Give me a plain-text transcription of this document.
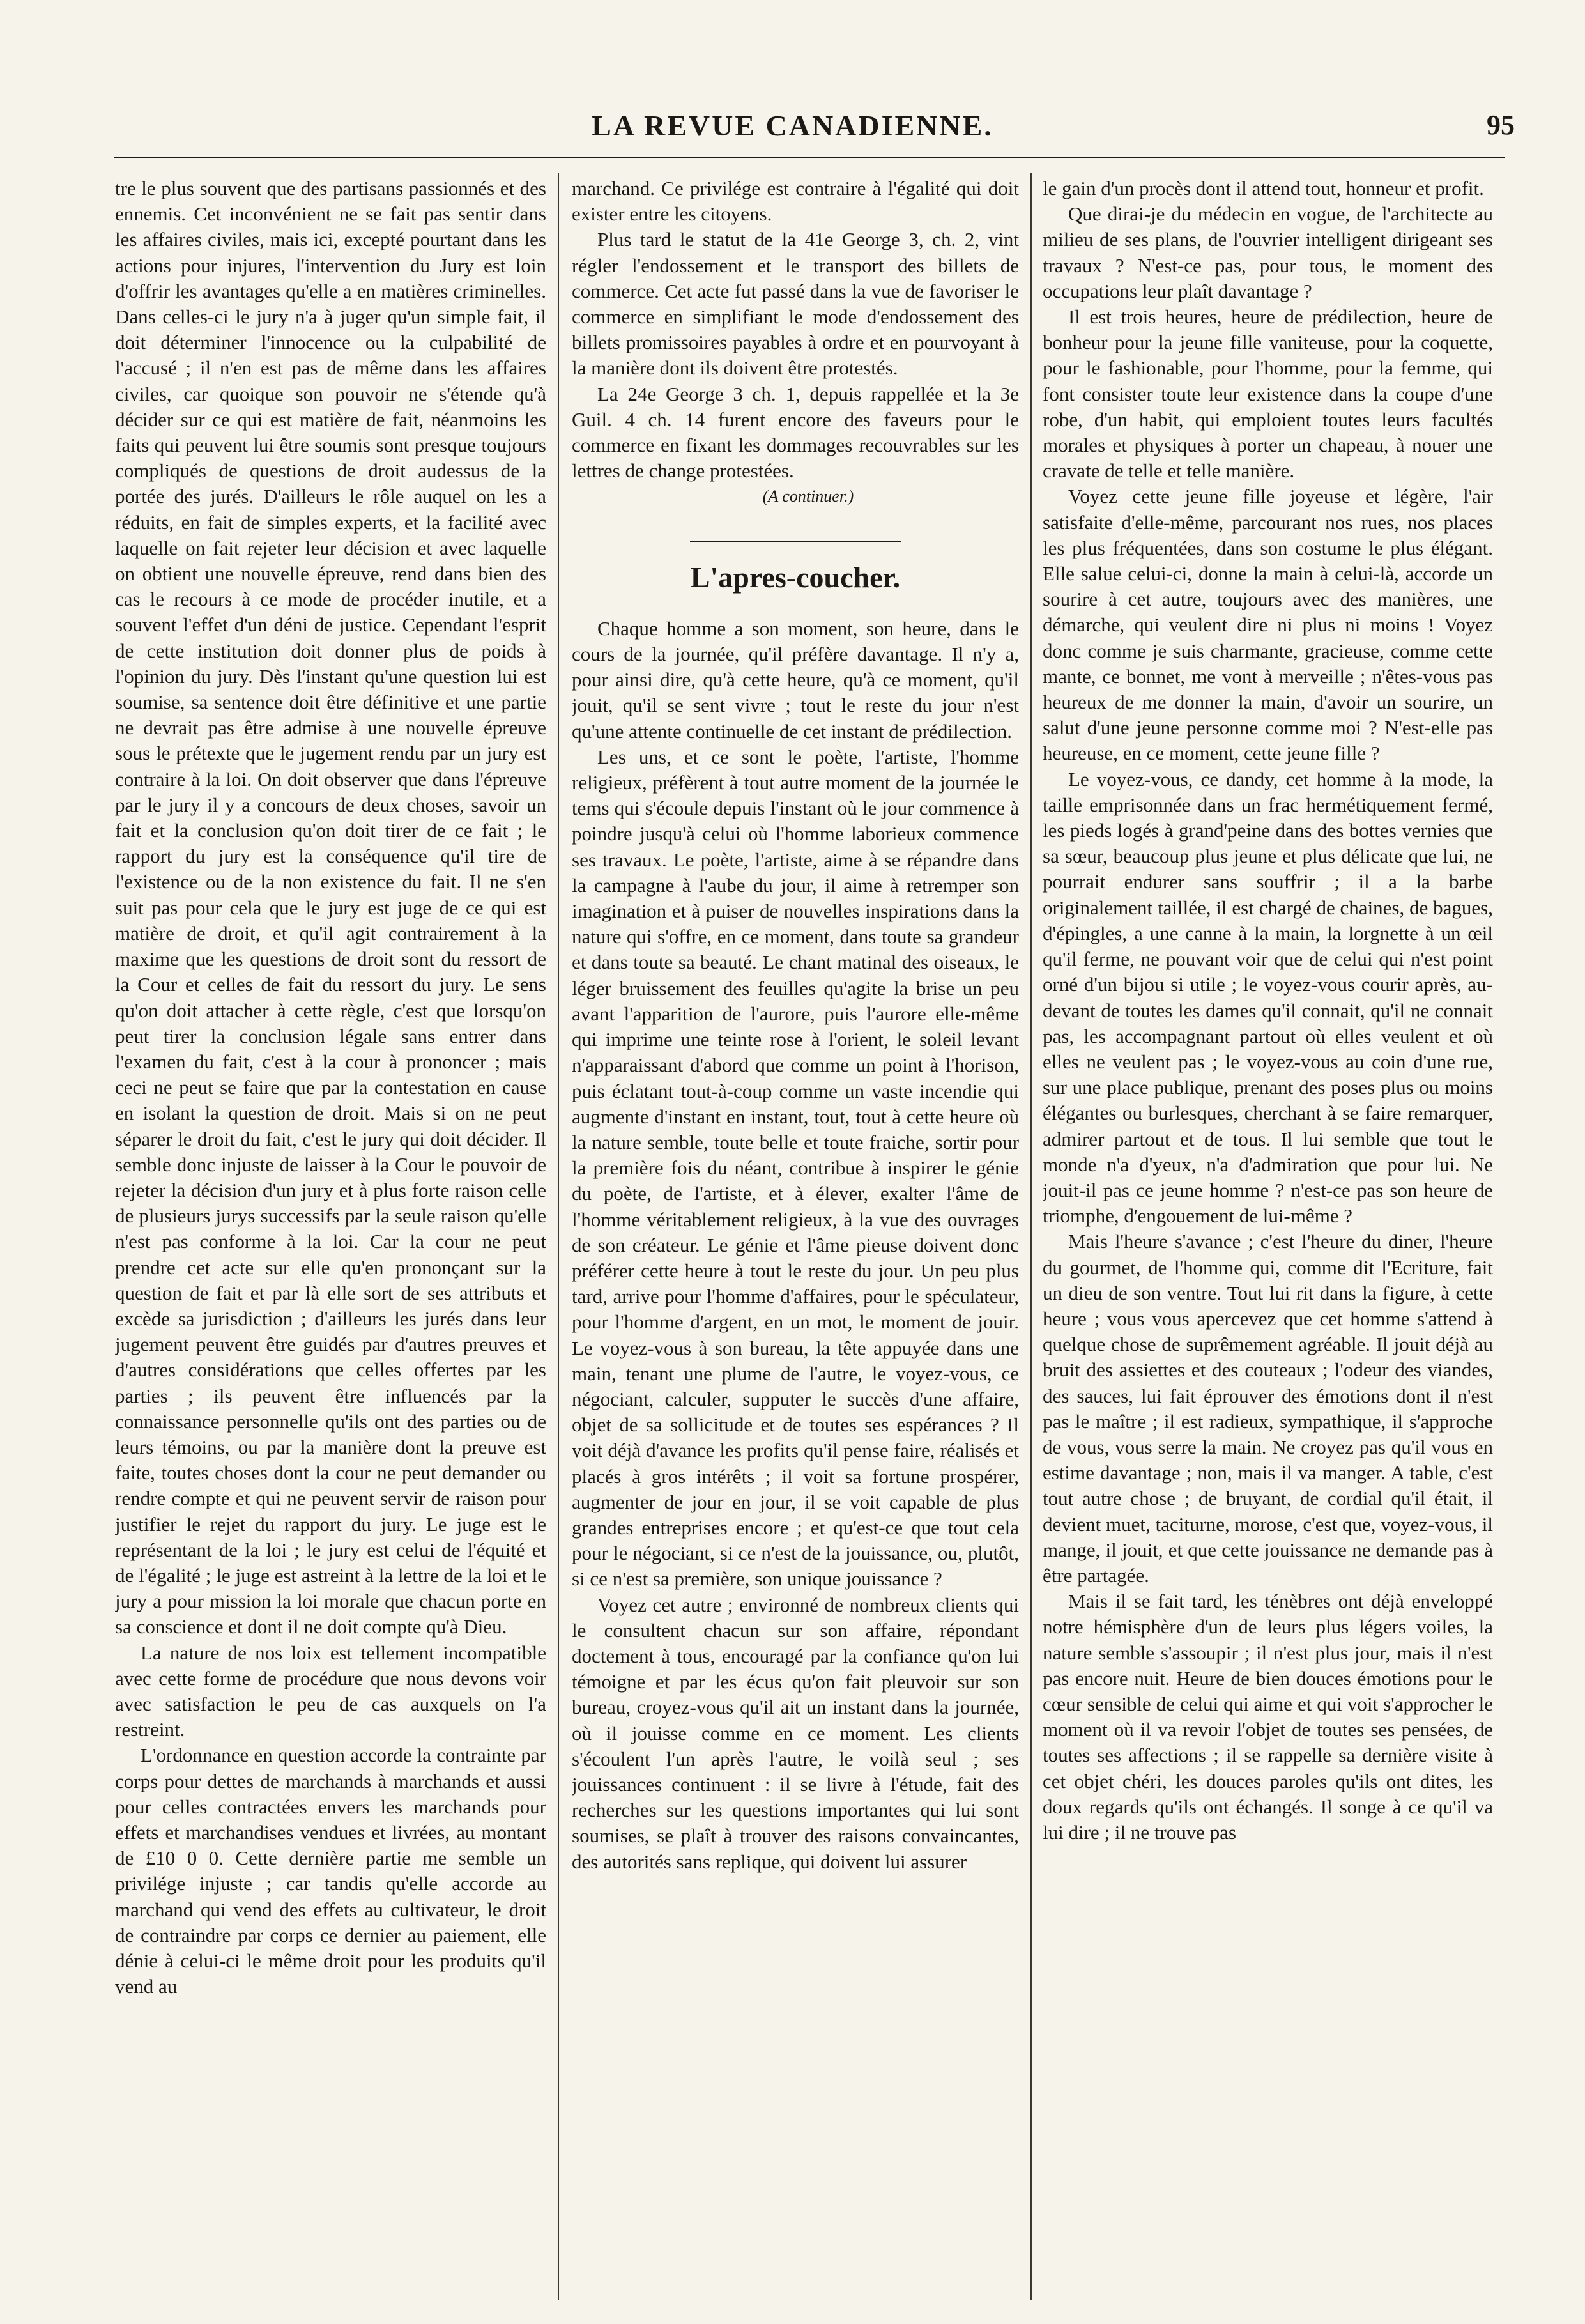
LA REVUE CANADIENNE.	95

tre le plus souvent que des partisans passionnés et des ennemis. Cet inconvénient ne se fait pas sentir dans les affaires civiles, mais ici, excepté pourtant dans les actions pour injures, l'intervention du Jury est loin d'offrir les avantages qu'elle a en matières criminelles. Dans celles-ci le jury n'a à juger qu'un simple fait, il doit déterminer l'innocence ou la culpabilité de l'accusé ; il n'en est pas de même dans les affaires civiles, car quoique son pouvoir ne s'étende qu'à décider sur ce qui est matière de fait, néanmoins les faits qui peuvent lui être soumis sont presque toujours compliqués de questions de droit audessus de la portée des jurés. D'ailleurs le rôle auquel on les a réduits, en fait de simples experts, et la facilité avec laquelle on fait rejeter leur décision et avec laquelle on obtient une nouvelle épreuve, rend dans bien des cas le recours à ce mode de procéder inutile, et a souvent l'effet d'un déni de justice. Cependant l'esprit de cette institution doit donner plus de poids à l'opinion du jury. Dès l'instant qu'une question lui est soumise, sa sentence doit être définitive et une partie ne devrait pas être admise à une nouvelle épreuve sous le prétexte que le jugement rendu par un jury est contraire à la loi. On doit observer que dans l'épreuve par le jury il y a concours de deux choses, savoir un fait et la conclusion qu'on doit tirer de ce fait ; le rapport du jury est la conséquence qu'il tire de l'existence ou de la non existence du fait. Il ne s'en suit pas pour cela que le jury est juge de ce qui est matière de droit, et qu'il agit contrairement à la maxime que les questions de droit sont du ressort de la Cour et celles de fait du ressort du jury. Le sens qu'on doit attacher à cette règle, c'est que lorsqu'on peut tirer la conclusion légale sans entrer dans l'examen du fait, c'est à la cour à prononcer ; mais ceci ne peut se faire que par la contestation en cause en isolant la question de droit. Mais si on ne peut séparer le droit du fait, c'est le jury qui doit décider. Il semble donc injuste de laisser à la Cour le pouvoir de rejeter la décision d'un jury et à plus forte raison celle de plusieurs jurys successifs par la seule raison qu'elle n'est pas conforme à la loi. Car la cour ne peut prendre cet acte sur elle qu'en prononçant sur la question de fait et par là elle sort de ses attributs et excède sa jurisdiction ; d'ailleurs les jurés dans leur jugement peuvent être guidés par d'autres preuves et d'autres considérations que celles offertes par les parties ; ils peuvent être influencés par la connaissance personnelle qu'ils ont des parties ou de leurs témoins, ou par la manière dont la preuve est faite, toutes choses dont la cour ne peut demander ou rendre compte et qui ne peuvent servir de raison pour justifier le rejet du rapport du jury. Le juge est le représentant de la loi ; le jury est celui de l'équité et de l'égalité ; le juge est astreint à la lettre de la loi et le jury a pour mission la loi morale que chacun porte en sa conscience et dont il ne doit compte qu'à Dieu.

La nature de nos loix est tellement incompatible avec cette forme de procédure que nous devons voir avec satisfaction le peu de cas auxquels on l'a restreint.

L'ordonnance en question accorde la contrainte par corps pour dettes de marchands à marchands et aussi pour celles contractées envers les marchands pour effets et marchandises vendues et livrées, au montant de £10 0 0. Cette dernière partie me semble un privilége injuste ; car tandis qu'elle accorde au marchand qui vend des effets au cultivateur, le droit de contraindre par corps ce dernier au paiement, elle dénie à celui-ci le même droit pour les produits qu'il vend au

marchand. Ce privilége est contraire à l'égalité qui doit exister entre les citoyens.

Plus tard le statut de la 41e George 3, ch. 2, vint régler l'endossement et le transport des billets de commerce. Cet acte fut passé dans la vue de favoriser le commerce en simplifiant le mode d'endossement des billets promissoires payables à ordre et en pourvoyant à la manière dont ils doivent être protestés.

La 24e George 3 ch. 1, depuis rappellée et la 3e Guil. 4 ch. 14 furent encore des faveurs pour le commerce en fixant les dommages recouvrables sur les lettres de change protestées.

(A continuer.)

L'apres-coucher.

Chaque homme a son moment, son heure, dans le cours de la journée, qu'il préfère davantage. Il n'y a, pour ainsi dire, qu'à cette heure, qu'à ce moment, qu'il jouit, qu'il se sent vivre ; tout le reste du jour n'est qu'une attente continuelle de cet instant de prédilection.

Les uns, et ce sont le poète, l'artiste, l'homme religieux, préfèrent à tout autre moment de la journée le tems qui s'écoule depuis l'instant où le jour commence à poindre jusqu'à celui où l'homme laborieux commence ses travaux. Le poète, l'artiste, aime à se répandre dans la campagne à l'aube du jour, il aime à retremper son imagination et à puiser de nouvelles inspirations dans la nature qui s'offre, en ce moment, dans toute sa grandeur et dans toute sa beauté. Le chant matinal des oiseaux, le léger bruissement des feuilles qu'agite la brise un peu avant l'apparition de l'aurore, puis l'aurore elle-même qui imprime une teinte rose à l'orient, le soleil levant n'apparaissant d'abord que comme un point à l'horison, puis éclatant tout-à-coup comme un vaste incendie qui augmente d'instant en instant, tout, tout à cette heure où la nature semble, toute belle et toute fraiche, sortir pour la première fois du néant, contribue à inspirer le génie du poète, de l'artiste, et à élever, exalter l'âme de l'homme véritablement religieux, à la vue des ouvrages de son créateur. Le génie et l'âme pieuse doivent donc préférer cette heure à tout le reste du jour. Un peu plus tard, arrive pour l'homme d'affaires, pour le spéculateur, pour l'homme d'argent, en un mot, le moment de jouir. Le voyez-vous à son bureau, la tête appuyée dans une main, tenant une plume de l'autre, le voyez-vous, ce négociant, calculer, supputer le succès d'une affaire, objet de sa sollicitude et de toutes ses espérances ? Il voit déjà d'avance les profits qu'il pense faire, réalisés et placés à gros intérêts ; il voit sa fortune prospérer, augmenter de jour en jour, il se voit capable de plus grandes entreprises encore ; et qu'est-ce que tout cela pour le négociant, si ce n'est de la jouissance, ou, plutôt, si ce n'est sa première, son unique jouissance ?

Voyez cet autre ; environné de nombreux clients qui le consultent chacun sur son affaire, répondant doctement à tous, encouragé par la confiance qu'on lui témoigne et par les écus qu'on fait pleuvoir sur son bureau, croyez-vous qu'il ait un instant dans la journée, où il jouisse comme en ce moment. Les clients s'écoulent l'un après l'autre, le voilà seul ; ses jouissances continuent : il se livre à l'étude, fait des recherches sur les questions importantes qui lui sont soumises, se plaît à trouver des raisons convaincantes, des autorités sans replique, qui doivent lui assurer

le gain d'un procès dont il attend tout, honneur et profit.

Que dirai-je du médecin en vogue, de l'architecte au milieu de ses plans, de l'ouvrier intelligent dirigeant ses travaux ? N'est-ce pas, pour tous, le moment des occupations leur plaît davantage ?

Il est trois heures, heure de prédilection, heure de bonheur pour la jeune fille vaniteuse, pour la coquette, pour le fashionable, pour l'homme, pour la femme, qui font consister toute leur existence dans la coupe d'une robe, d'un habit, qui emploient toutes leurs facultés morales et physiques à porter un chapeau, à nouer une cravate de telle et telle manière.

Voyez cette jeune fille joyeuse et légère, l'air satisfaite d'elle-même, parcourant nos rues, nos places les plus fréquentées, dans son costume le plus élégant. Elle salue celui-ci, donne la main à celui-là, accorde un sourire à cet autre, toujours avec des manières, une démarche, qui veulent dire ni plus ni moins ! Voyez donc comme je suis charmante, gracieuse, comme cette mante, ce bonnet, me vont à merveille ; n'êtes-vous pas heureux de me donner la main, d'avoir un sourire, un salut d'une jeune personne comme moi ? N'est-elle pas heureuse, en ce moment, cette jeune fille ?

Le voyez-vous, ce dandy, cet homme à la mode, la taille emprisonnée dans un frac hermétiquement fermé, les pieds logés à grand'peine dans des bottes vernies que sa sœur, beaucoup plus jeune et plus délicate que lui, ne pourrait endurer sans souffrir ; il a la barbe originalement taillée, il est chargé de chaines, de bagues, d'épingles, a une canne à la main, la lorgnette à un œil qu'il ferme, ne pouvant voir que de celui qui n'est point orné d'un bijou si utile ; le voyez-vous courir après, au-devant de toutes les dames qu'il connait, qu'il ne connait pas, les accompagnant partout où elles veulent et où elles ne veulent pas ; le voyez-vous au coin d'une rue, sur une place publique, prenant des poses plus ou moins élégantes ou burlesques, cherchant à se faire remarquer, admirer partout et de tous. Il lui semble que tout le monde n'a d'yeux, n'a d'admiration que pour lui. Ne jouit-il pas ce jeune homme ? n'est-ce pas son heure de triomphe, d'engouement de lui-même ?

Mais l'heure s'avance ; c'est l'heure du diner, l'heure du gourmet, de l'homme qui, comme dit l'Ecriture, fait un dieu de son ventre. Tout lui rit dans la figure, à cette heure ; vous vous apercevez que cet homme s'attend à quelque chose de suprêmement agréable. Il jouit déjà au bruit des assiettes et des couteaux ; l'odeur des viandes, des sauces, lui fait éprouver des émotions dont il n'est pas le maître ; il est radieux, sympathique, il s'approche de vous, vous serre la main. Ne croyez pas qu'il vous en estime davantage ; non, mais il va manger. A table, c'est tout autre chose ; de bruyant, de cordial qu'il était, il devient muet, taciturne, morose, c'est que, voyez-vous, il mange, il jouit, et que cette jouissance ne demande pas à être partagée.

Mais il se fait tard, les ténèbres ont déjà enveloppé notre hémisphère d'un de leurs plus légers voiles, la nature semble s'assoupir ; il n'est plus jour, mais il n'est pas encore nuit. Heure de bien douces émotions pour le cœur sensible de celui qui aime et qui voit s'approcher le moment où il va revoir l'objet de toutes ses pensées, de toutes ses affections ; il se rappelle sa dernière visite à cet objet chéri, les douces paroles qu'ils ont dites, les doux regards qu'ils ont échangés. Il songe à ce qu'il va lui dire ; il ne trouve pas
